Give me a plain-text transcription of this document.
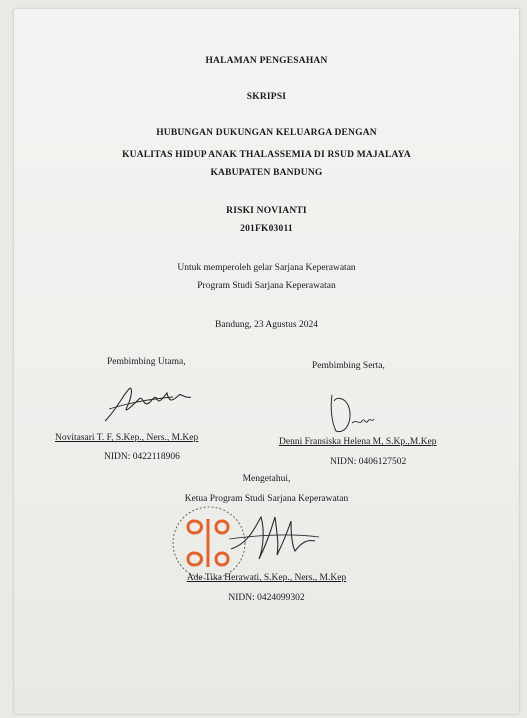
HALAMAN PENGESAHAN
SKRIPSI
HUBUNGAN DUKUNGAN KELUARGA DENGAN
KUALITAS HIDUP ANAK THALASSEMIA DI RSUD MAJALAYA
KABUPATEN BANDUNG
RISKI NOVIANTI
201FK03011
Untuk memperoleh gelar Sarjana Keperawatan
Program Studi Sarjana Keperawatan
Bandung, 23 Agustus 2024
Pembimbing Utama,
Novitasari T. F, S.Kep., Ners., M.Kep
NIDN: 0422118906
Pembimbing Serta,
Denni Fransiska Helena M, S.Kp.,M.Kep
NIDN: 0406127502
Mengetahui,
Ketua Program Studi Sarjana Keperawatan
Ade Tika Herawati, S.Kep., Ners., M.Kep
NIDN: 0424099302
